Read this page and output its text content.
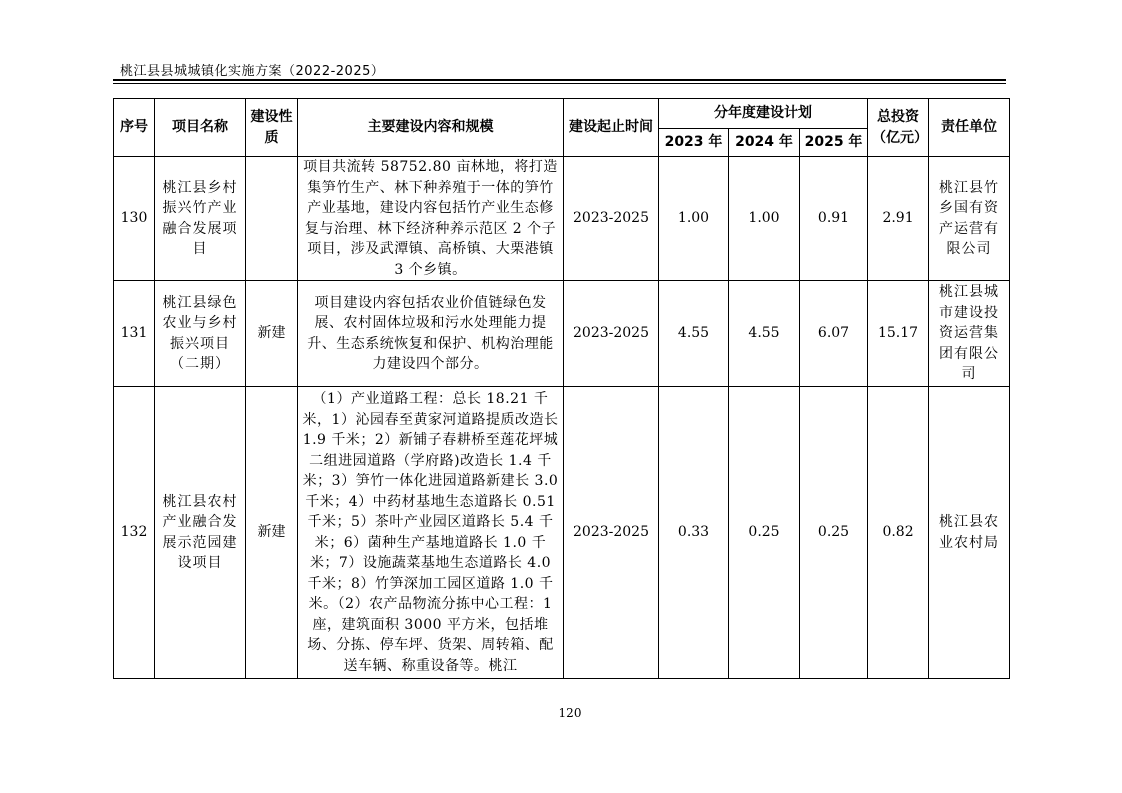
桃江县县城城镇化实施方案（2022-2025）
序号	项目名称	建设性质	主要建设内容和规模	建设起止时间	分年度建设计划			总投资（亿元）	责任单位
					2023 年	2024 年	2025 年		
130	桃江县乡村振兴竹产业融合发展项目		项目共流转 58752.80 亩林地，将打造集笋竹生产、林下种养殖于一体的笋竹产业基地，建设内容包括竹产业生态修复与治理、林下经济种养示范区 2 个子项目，涉及武潭镇、高桥镇、大栗港镇 3 个乡镇。	2023-2025	1.00	1.00	0.91	2.91	桃江县竹乡国有资产运营有限公司
131	桃江县绿色农业与乡村振兴项目（二期）	新建	项目建设内容包括农业价值链绿色发展、农村固体垃圾和污水处理能力提升、生态系统恢复和保护、机构治理能力建设四个部分。	2023-2025	4.55	4.55	6.07	15.17	桃江县城市建设投资运营集团有限公司
132	桃江县农村产业融合发展示范园建设项目	新建	（1）产业道路工程：总长 18.21 千米，1）沁园春至黄家河道路提质改造长 1.9 千米；2）新铺子春耕桥至莲花坪城二组进园道路（学府路)改造长 1.4 千米；3）笋竹一体化进园道路新建长 3.0 千米；4）中药材基地生态道路长 0.51 千米；5）茶叶产业园区道路长 5.4 千米；6）菌种生产基地道路长 1.0 千米；7）设施蔬菜基地生态道路长 4.0 千米；8）竹笋深加工园区道路 1.0 千米。（2）农产品物流分拣中心工程：1 座，建筑面积 3000 平方米，包括堆场、分拣、停车坪、货架、周转箱、配送车辆、称重设备等。桃江	2023-2025	0.33	0.25	0.25	0.82	桃江县农业农村局
120
